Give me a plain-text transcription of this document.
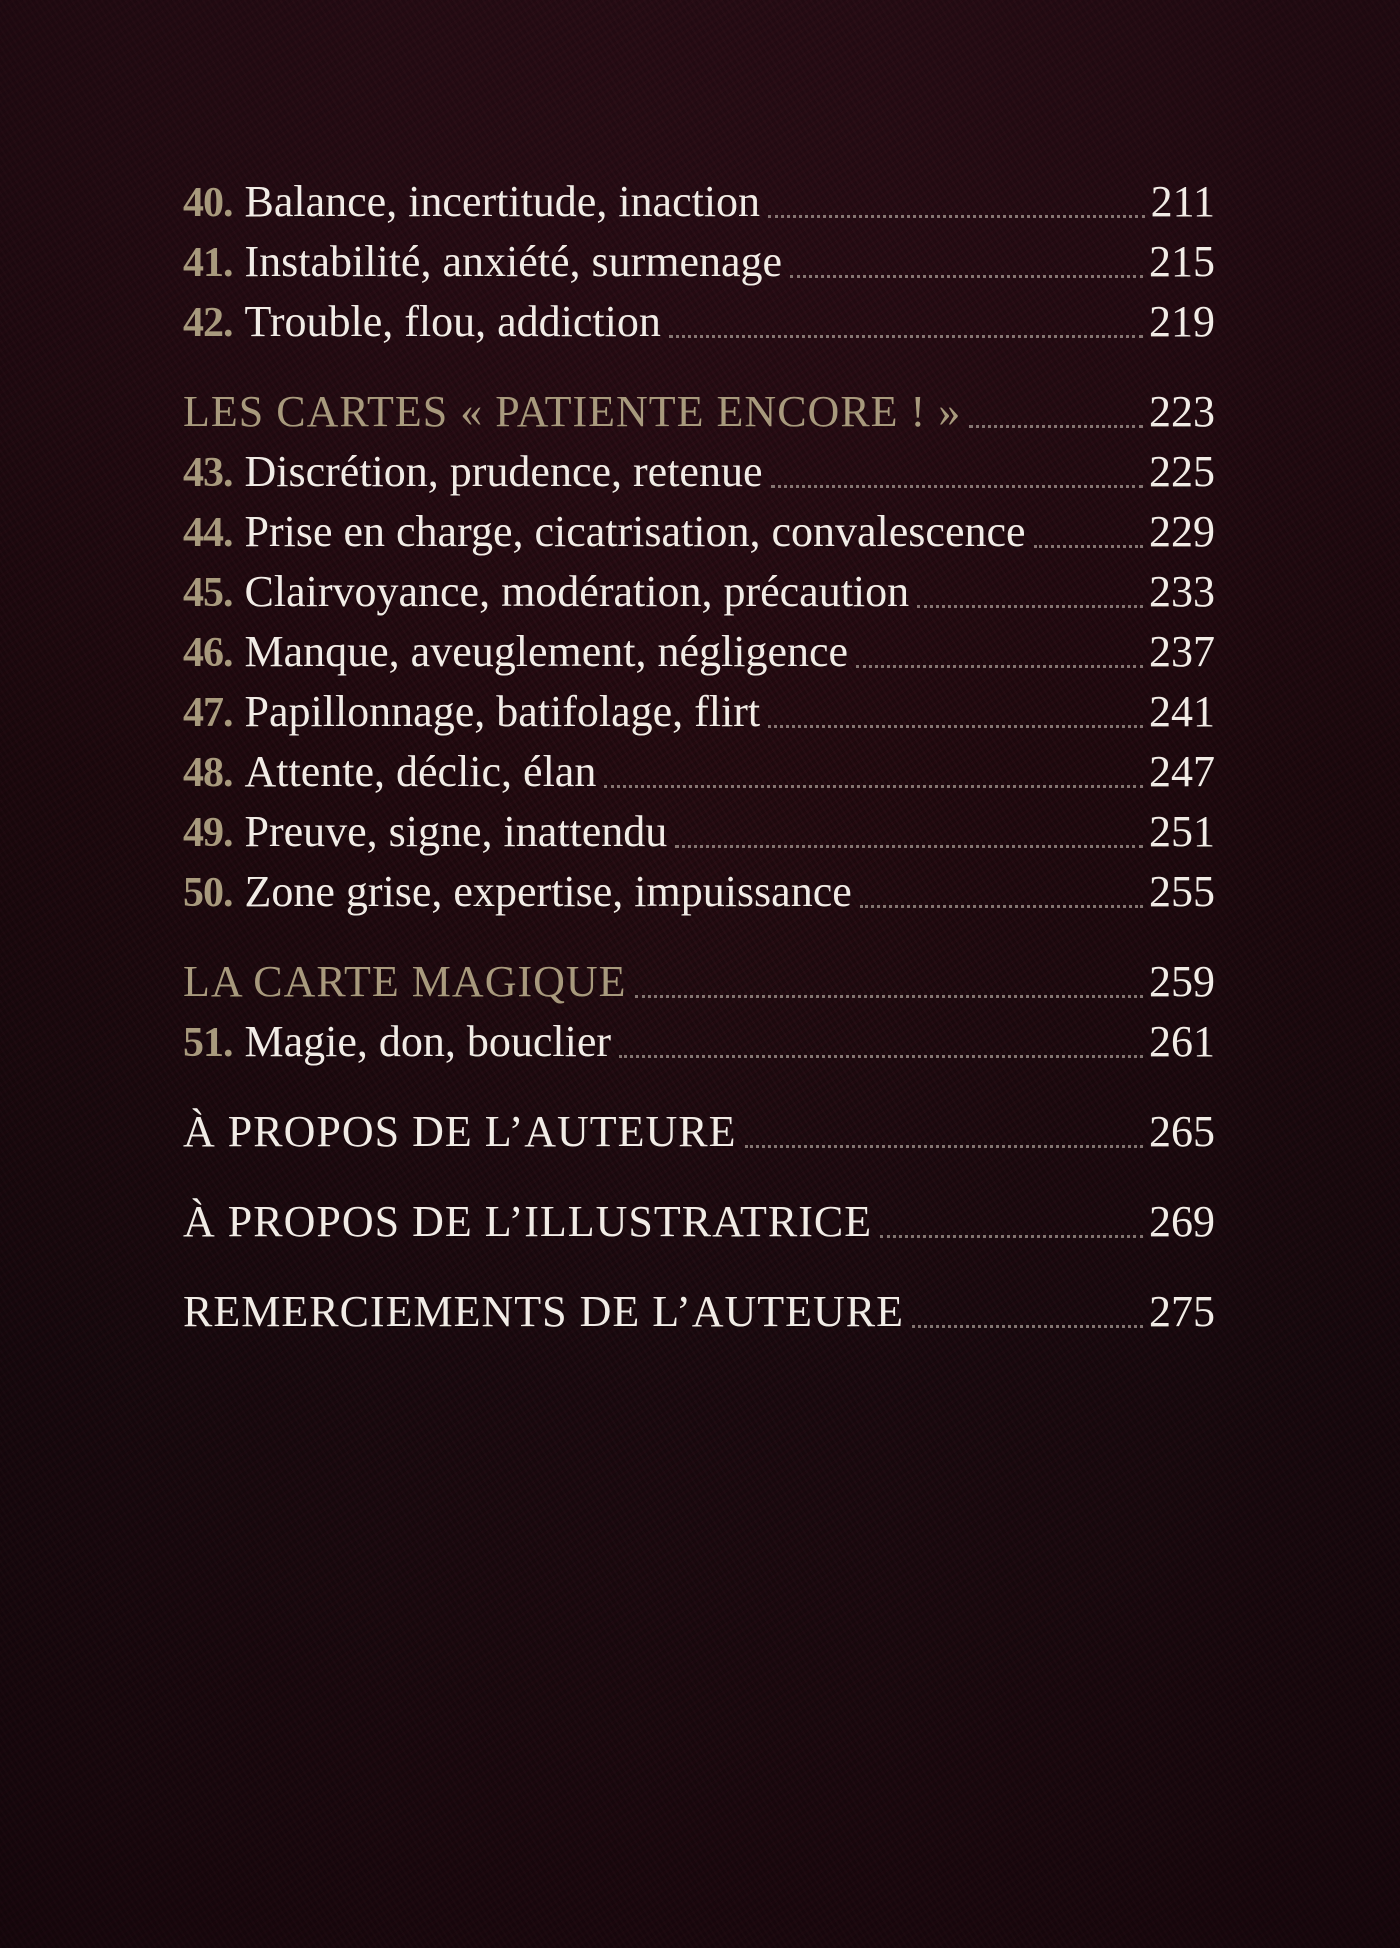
40. Balance, incertitude, inaction	211
41. Instabilité, anxiété, surmenage	215
42. Trouble, flou, addiction	219
LES CARTES « PATIENTE ENCORE ! »	223
43. Discrétion, prudence, retenue	225
44. Prise en charge, cicatrisation, convalescence	229
45. Clairvoyance, modération, précaution	233
46. Manque, aveuglement, négligence	237
47. Papillonnage, batifolage, flirt	241
48. Attente, déclic, élan	247
49. Preuve, signe, inattendu	251
50. Zone grise, expertise, impuissance	255
LA CARTE MAGIQUE	259
51. Magie, don, bouclier	261
À PROPOS DE L’AUTEURE	265
À PROPOS DE L’ILLUSTRATRICE	269
REMERCIEMENTS DE L’AUTEURE	275
